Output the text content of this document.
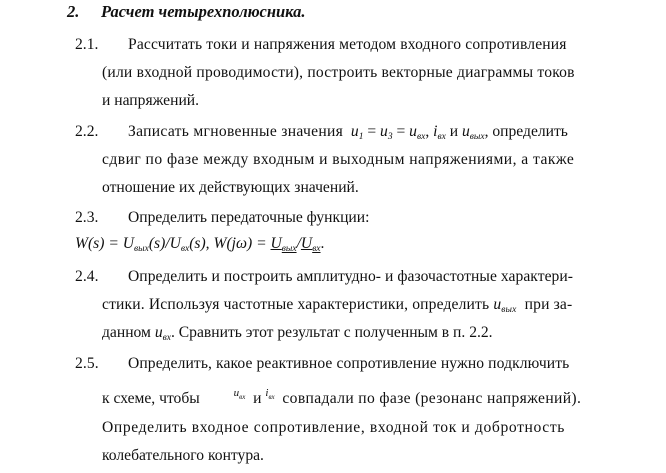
2. Расчет четырехполюсника.
2.1. Рассчитать токи и напряжения методом входного сопротивления
(или входной проводимости), построить векторные диаграммы токов
и напряжений.
2.2. Записать мгновенные значения $u_1 = u_3 = u_{вх}$, $i_{вх}$ и $u_{вых}$, определить
сдвиг по фазе между входным и выходным напряжениями, а также
отношение их действующих значений.
2.3. Определить передаточные функции:
$W(s) = U_{вых}(s)/U_{вх}(s)$, $W(j\omega) = U_{вых}/U_{вх}$.
2.4. Определить и построить амплитудно- и фазочастотные характери-
стики. Используя частотные характеристики, определить $u_{вых}$ при за-
данном $u_{вх}$. Сравнить этот результат с полученным в п. 2.2.
2.5. Определить, какое реактивное сопротивление нужно подключить
к схеме, чтобы	$^{u_{вх}}$ и $^{i_{вх}}$ совпадали по фазе (резонанс напряжений).
Определить входное сопротивление, входной ток и добротность
колебательного контура.
